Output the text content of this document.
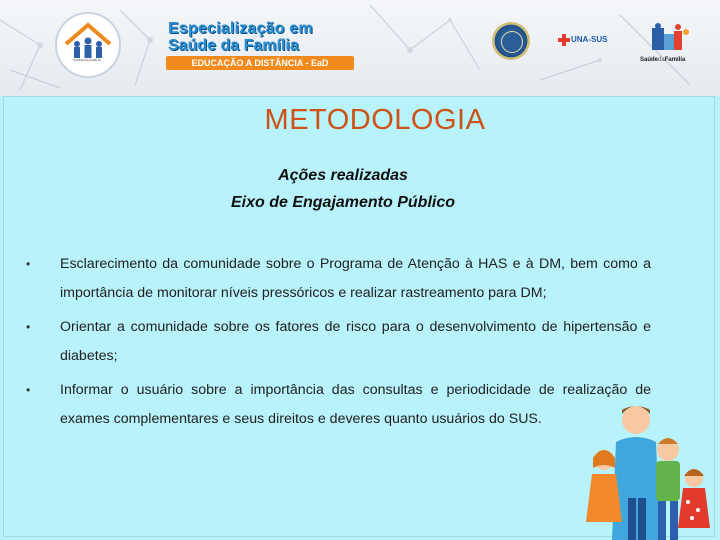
SAÚDE DA FAMÍLIA
Especialização em
Saúde da Família
EDUCAÇÃO A DISTÂNCIA - EaD
UNA-SUS
SaúdedaFamília
METODOLOGIA
Ações realizadas
Eixo de Engajamento Público
• Esclarecimento da comunidade sobre o Programa de Atenção à HAS e à DM, bem como a importância de monitorar níveis pressóricos e realizar rastreamento para DM;
• Orientar a comunidade sobre os fatores de risco para o desenvolvimento de hipertensão e diabetes;
• Informar o usuário sobre a importância das consultas e periodicidade de realização de exames complementares e seus direitos e deveres quanto usuários do SUS.
